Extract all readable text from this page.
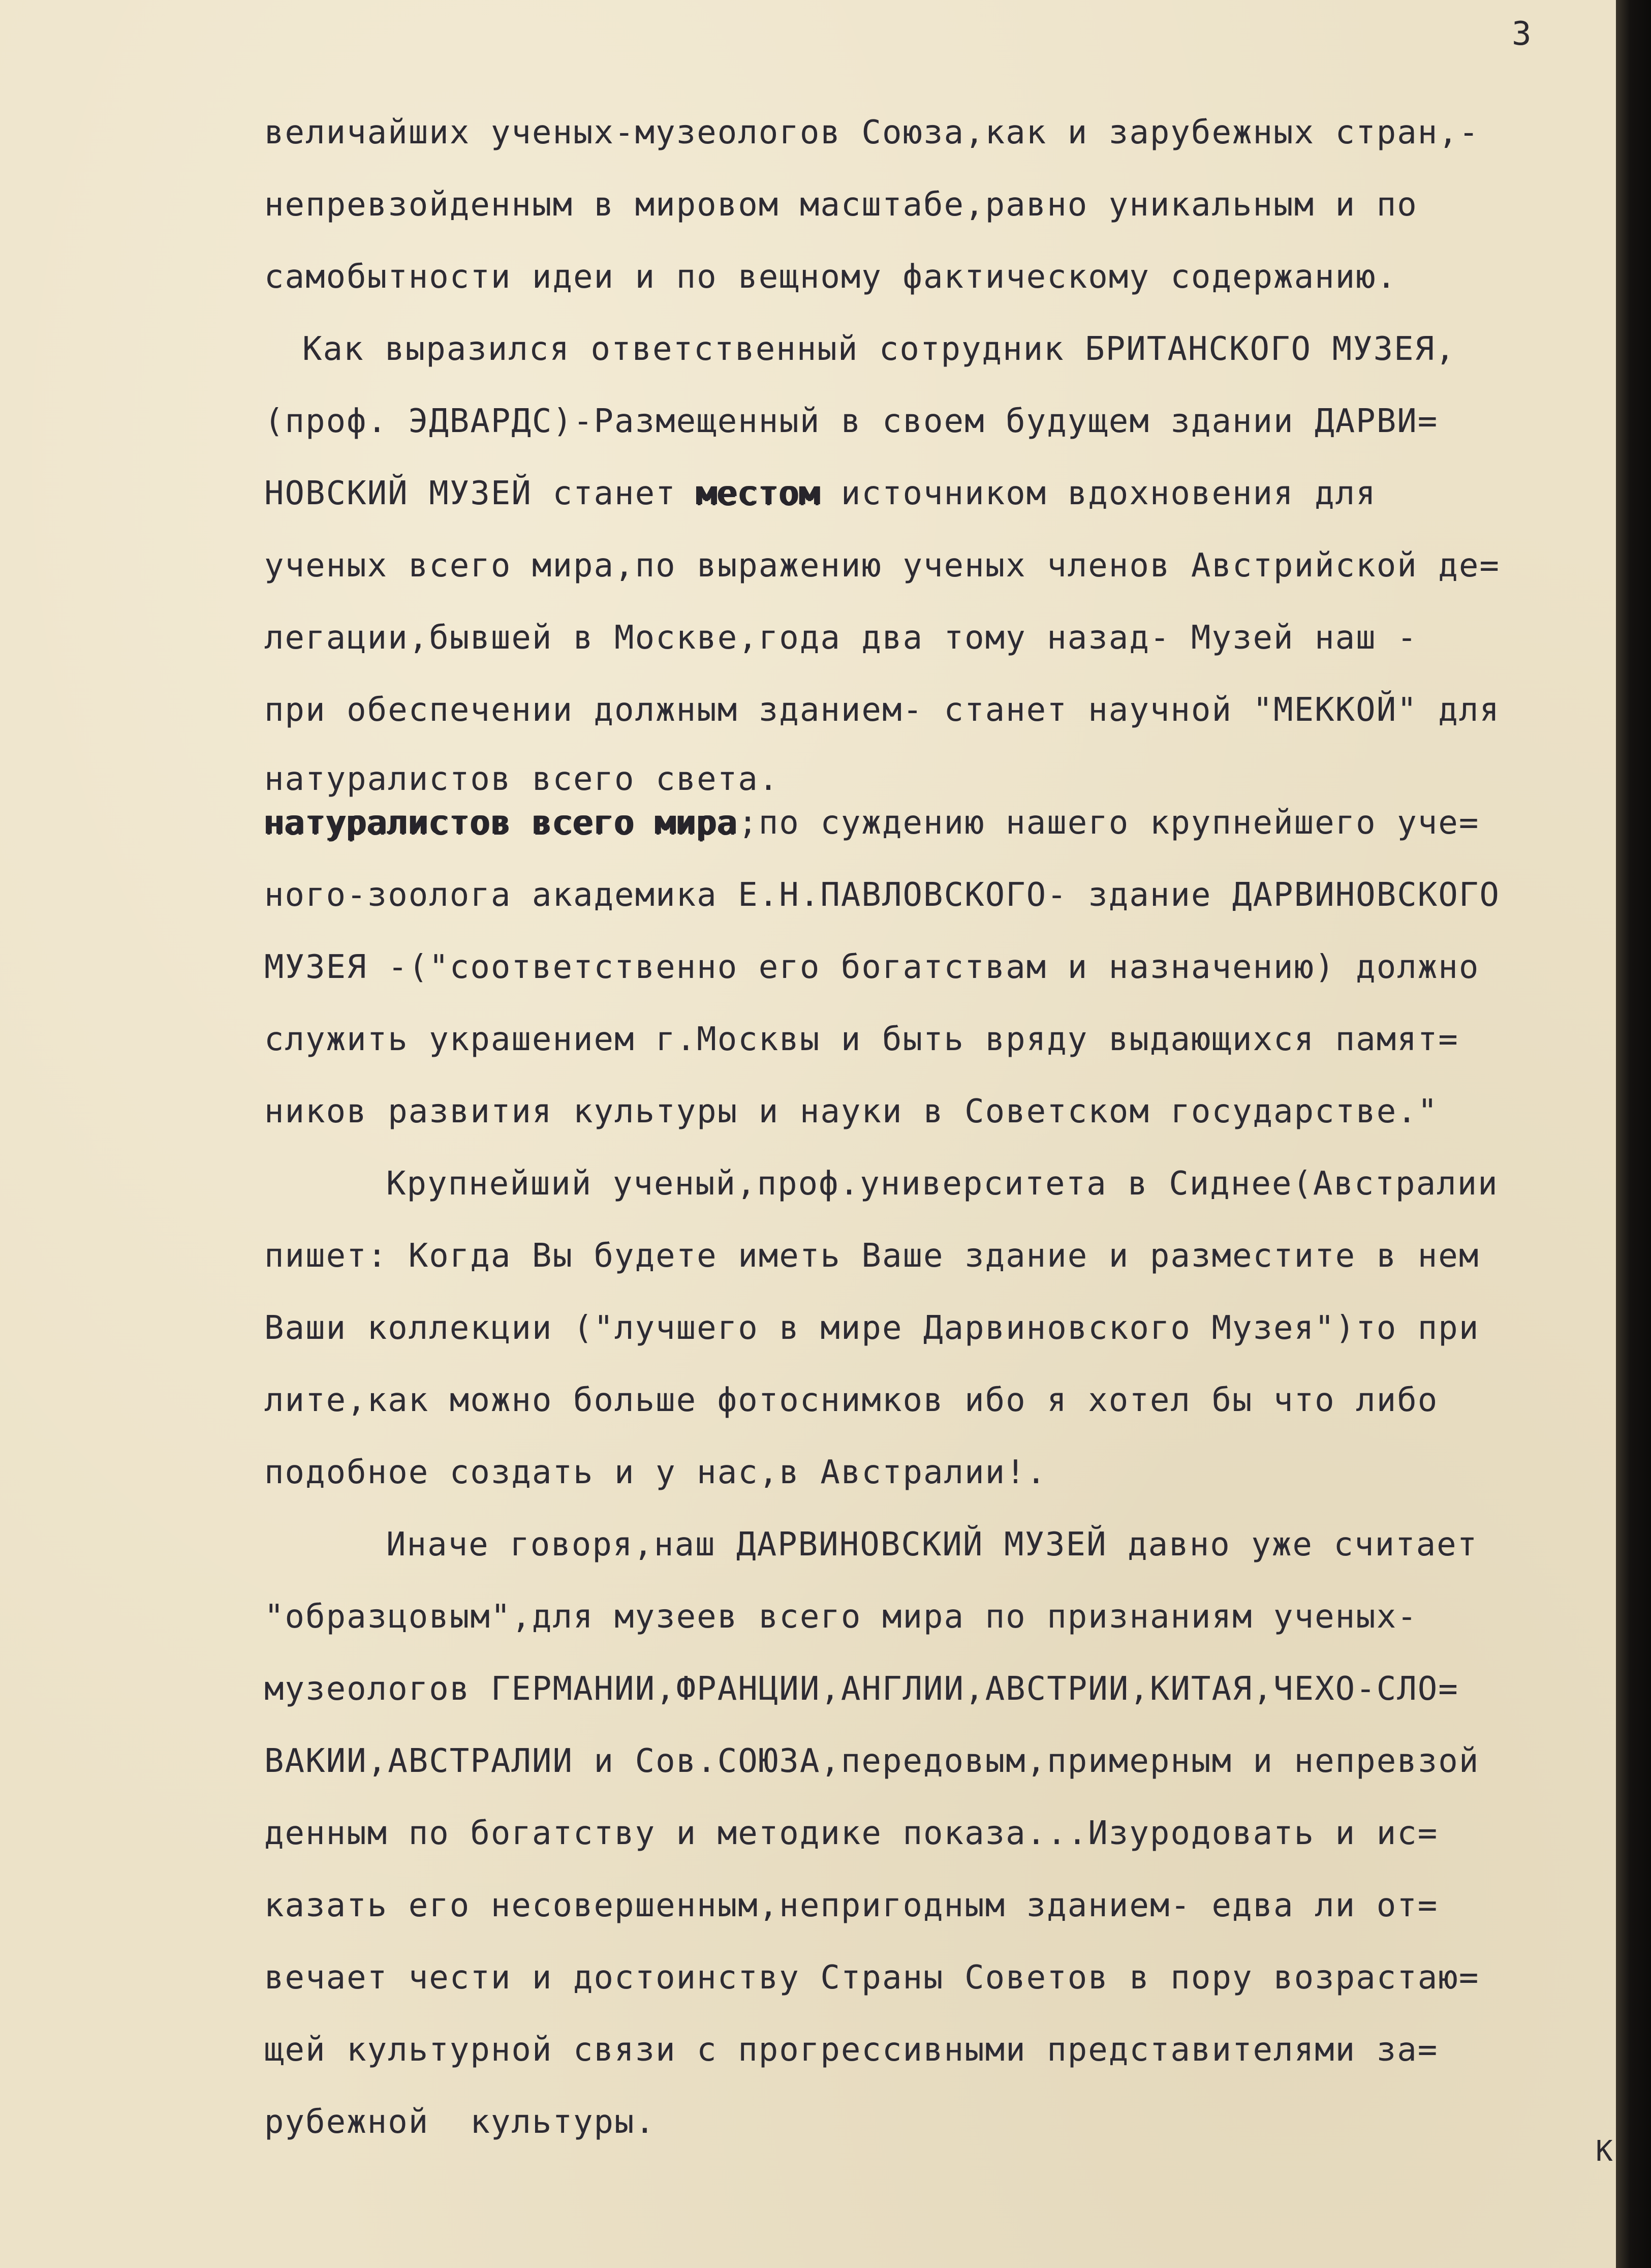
3
величайших ученых-музеологов Союза,как и зарубежных стран,-
непревзойденным в мировом масштабе,равно уникальным и по
самобытности идеи и по вещному фактическому содержанию.
Как выразился ответственный сотрудник БРИТАНСКОГО МУЗЕЯ,
(проф. ЭДВАРДС)-Размещенный в своем будущем здании ДАРВИ=
НОВСКИЙ МУЗЕЙ станет местом источником вдохновения для
ученых всего мира,по выражению ученых членов Австрийской де=
легации,бывшей в Москве,года два тому назад- Музей наш -
при обеспечении должным зданием- станет научной "МЕККОЙ" для
натуралистов всего света.
натуралистов всего мира;по суждению нашего крупнейшего уче=
ного-зоолога академика Е.Н.ПАВЛОВСКОГО- здание ДАРВИНОВСКОГО
МУЗЕЯ -("соответственно его богатствам и назначению) должно
служить украшением г.Москвы и быть вряду выдающихся памят=
ников развития культуры и науки в Советском государстве."
Крупнейший ученый,проф.университета в Сиднее(Австралии
пишет: Когда Вы будете иметь Ваше здание и разместите в нем
Ваши коллекции ("лучшего в мире Дарвиновского Музея")то при
лите,как можно больше фотоснимков ибо я хотел бы что либо
подобное создать и у нас,в Австралии!.
Иначе говоря,наш ДАРВИНОВСКИЙ МУЗЕЙ давно уже считает
"образцовым",для музеев всего мира по признаниям ученых-
музеологов ГЕРМАНИИ,ФРАНЦИИ,АНГЛИИ,АВСТРИИ,КИТАЯ,ЧЕХО-СЛО=
ВАКИИ,АВСТРАЛИИ и Сов.СОЮЗА,передовым,примерным и непревзой
денным по богатству и методике показа...Изуродовать и ис=
казать его несовершенным,непригодным зданием- едва ли от=
вечает чести и достоинству Страны Советов в пору возрастаю=
щей культурной связи с прогрессивными представителями за=
рубежной  культуры.
К
